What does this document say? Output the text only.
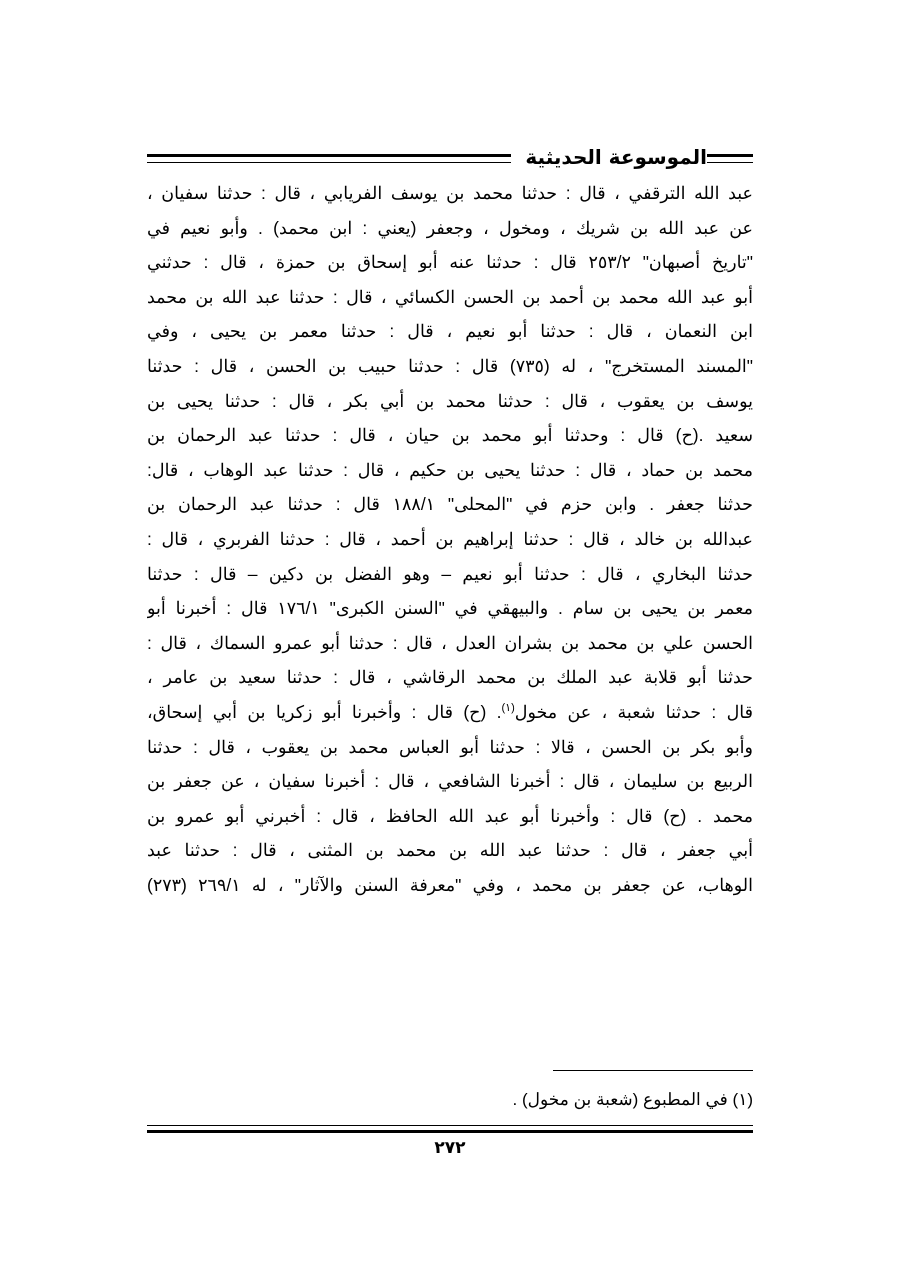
الموسوعة الحديثية
عبد الله الترقفي ، قال : حدثنا محمد بن يوسف الفريابي ، قال : حدثنا سفيان ،
عن عبد الله بن شريك ، ومخول ، وجعفر (يعني : ابن محمد) . وأبو نعيم في
"تاريخ أصبهان" ٢٥٣/٢ قال : حدثنا عنه أبو إسحاق بن حمزة ، قال : حدثني
أبو عبد الله محمد بن أحمد بن الحسن الكسائي ، قال : حدثنا عبد الله بن محمد
ابن النعمان ، قال : حدثنا أبو نعيم ، قال : حدثنا معمر بن يحيى ، وفي
"المسند المستخرج" ، له (٧٣٥) قال : حدثنا حبيب بن الحسن ، قال : حدثنا
يوسف بن يعقوب ، قال : حدثنا محمد بن أبي بكر ، قال : حدثنا يحيى بن
سعيد .(ح) قال : وحدثنا أبو محمد بن حيان ، قال : حدثنا عبد الرحمان بن
محمد بن حماد ، قال : حدثنا يحيى بن حكيم ، قال : حدثنا عبد الوهاب ، قال:
حدثنا جعفر . وابن حزم في "المحلى" ١٨٨/١ قال : حدثنا عبد الرحمان بن
عبدالله بن خالد ، قال : حدثنا إبراهيم بن أحمد ، قال : حدثنا الفربري ، قال :
حدثنا البخاري ، قال : حدثنا أبو نعيم – وهو الفضل بن دكين – قال : حدثنا
معمر بن يحيى بن سام . والبيهقي في "السنن الكبرى" ١٧٦/١ قال : أخبرنا أبو
الحسن علي بن محمد بن بشران العدل ، قال : حدثنا أبو عمرو السماك ، قال :
حدثنا أبو قلابة عبد الملك بن محمد الرقاشي ، قال : حدثنا سعيد بن عامر ،
قال : حدثنا شعبة ، عن مخول$^{(١)}$. (ح) قال : وأخبرنا أبو زكريا بن أبي إسحاق،
وأبو بكر بن الحسن ، قالا : حدثنا أبو العباس محمد بن يعقوب ، قال : حدثنا
الربيع بن سليمان ، قال : أخبرنا الشافعي ، قال : أخبرنا سفيان ، عن جعفر بن
محمد . (ح) قال : وأخبرنا أبو عبد الله الحافظ ، قال : أخبرني أبو عمرو بن
أبي جعفر ، قال : حدثنا عبد الله بن محمد بن المثنى ، قال : حدثنا عبد
الوهاب، عن جعفر بن محمد ، وفي "معرفة السنن والآثار" ، له ٢٦٩/١ (٢٧٣)
(١) في المطبوع (شعبة بن مخول) .
٢٧٢
